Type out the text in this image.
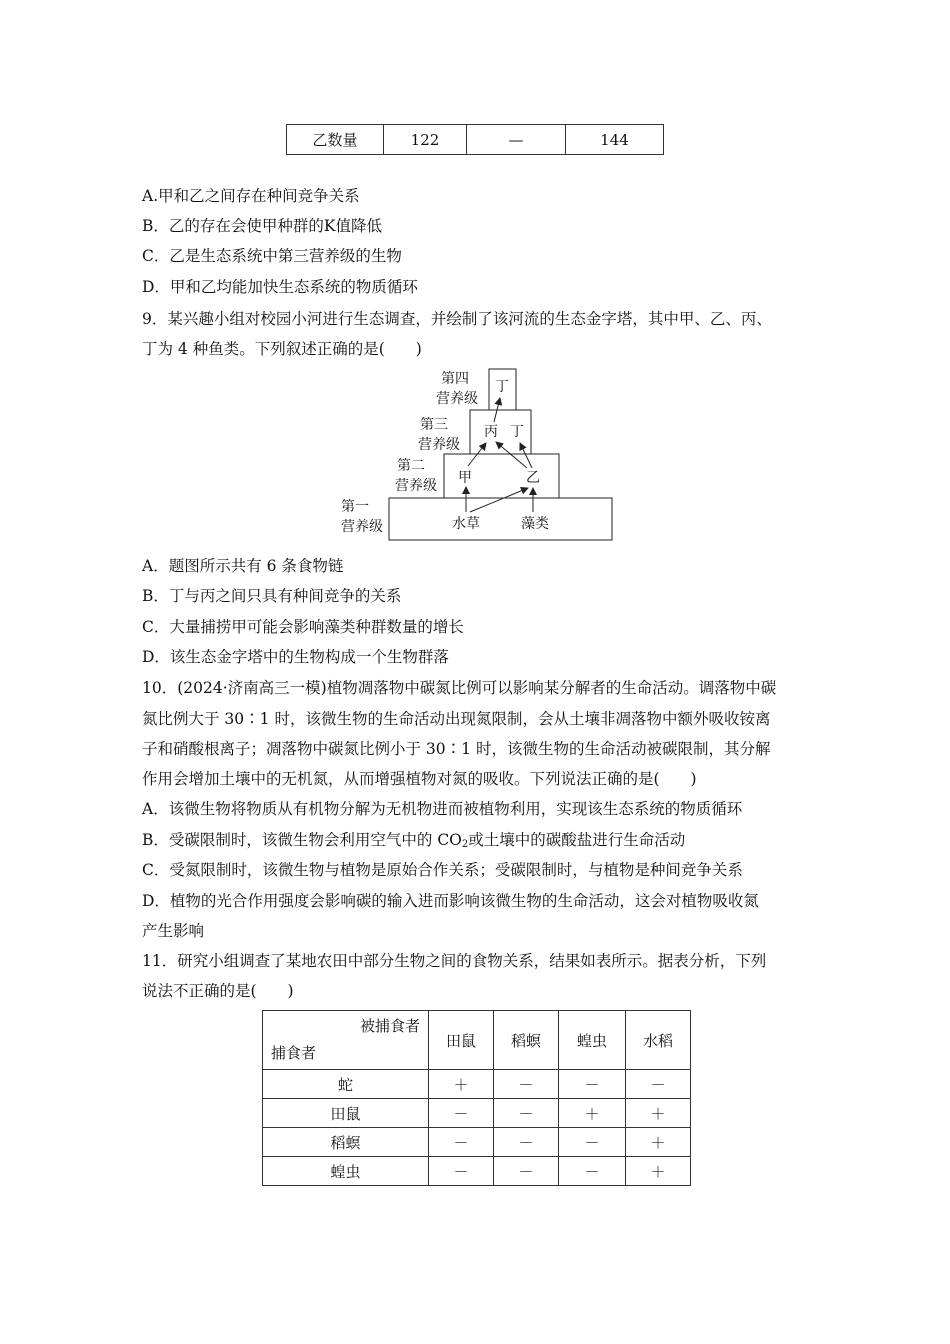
乙数量	122	—	144
A.甲和乙之间存在种间竞争关系
B．乙的存在会使甲种群的K值降低
C．乙是生态系统中第三营养级的生物
D．甲和乙均能加快生态系统的物质循环
9．某兴趣小组对校园小河进行生态调查，并绘制了该河流的生态金字塔，其中甲、乙、丙、
丁为 4 种鱼类。下列叙述正确的是(　　)
第四
营养级
第三
营养级
第二
营养级
第一
营养级
丁
丙 丁
甲	乙
水草	藻类
A．题图所示共有 6 条食物链
B．丁与丙之间只具有种间竞争的关系
C．大量捕捞甲可能会影响藻类种群数量的增长
D．该生态金字塔中的生物构成一个生物群落
10．(2024·济南高三一模)植物凋落物中碳氮比例可以影响某分解者的生命活动。调落物中碳
氮比例大于 30∶1 时，该微生物的生命活动出现氮限制，会从土壤非凋落物中额外吸收铵离
子和硝酸根离子；凋落物中碳氮比例小于 30∶1 时，该微生物的生命活动被碳限制，其分解
作用会增加土壤中的无机氮，从而增强植物对氮的吸收。下列说法正确的是(　　)
A．该微生物将物质从有机物分解为无机物进而被植物利用，实现该生态系统的物质循环
B．受碳限制时，该微生物会利用空气中的 $CO_2$或土壤中的碳酸盐进行生命活动
C．受氮限制时，该微生物与植物是原始合作关系；受碳限制时，与植物是种间竞争关系
D．植物的光合作用强度会影响碳的输入进而影响该微生物的生命活动，这会对植物吸收氮
产生影响
11．研究小组调查了某地农田中部分生物之间的食物关系，结果如表所示。据表分析，下列
说法不正确的是(　　)
被捕食者
捕食者	田鼠	稻螟	蝗虫	水稻
蛇	＋	－	－	－
田鼠	－	－	＋	＋
稻螟	－	－	－	＋
蝗虫	－	－	－	＋
